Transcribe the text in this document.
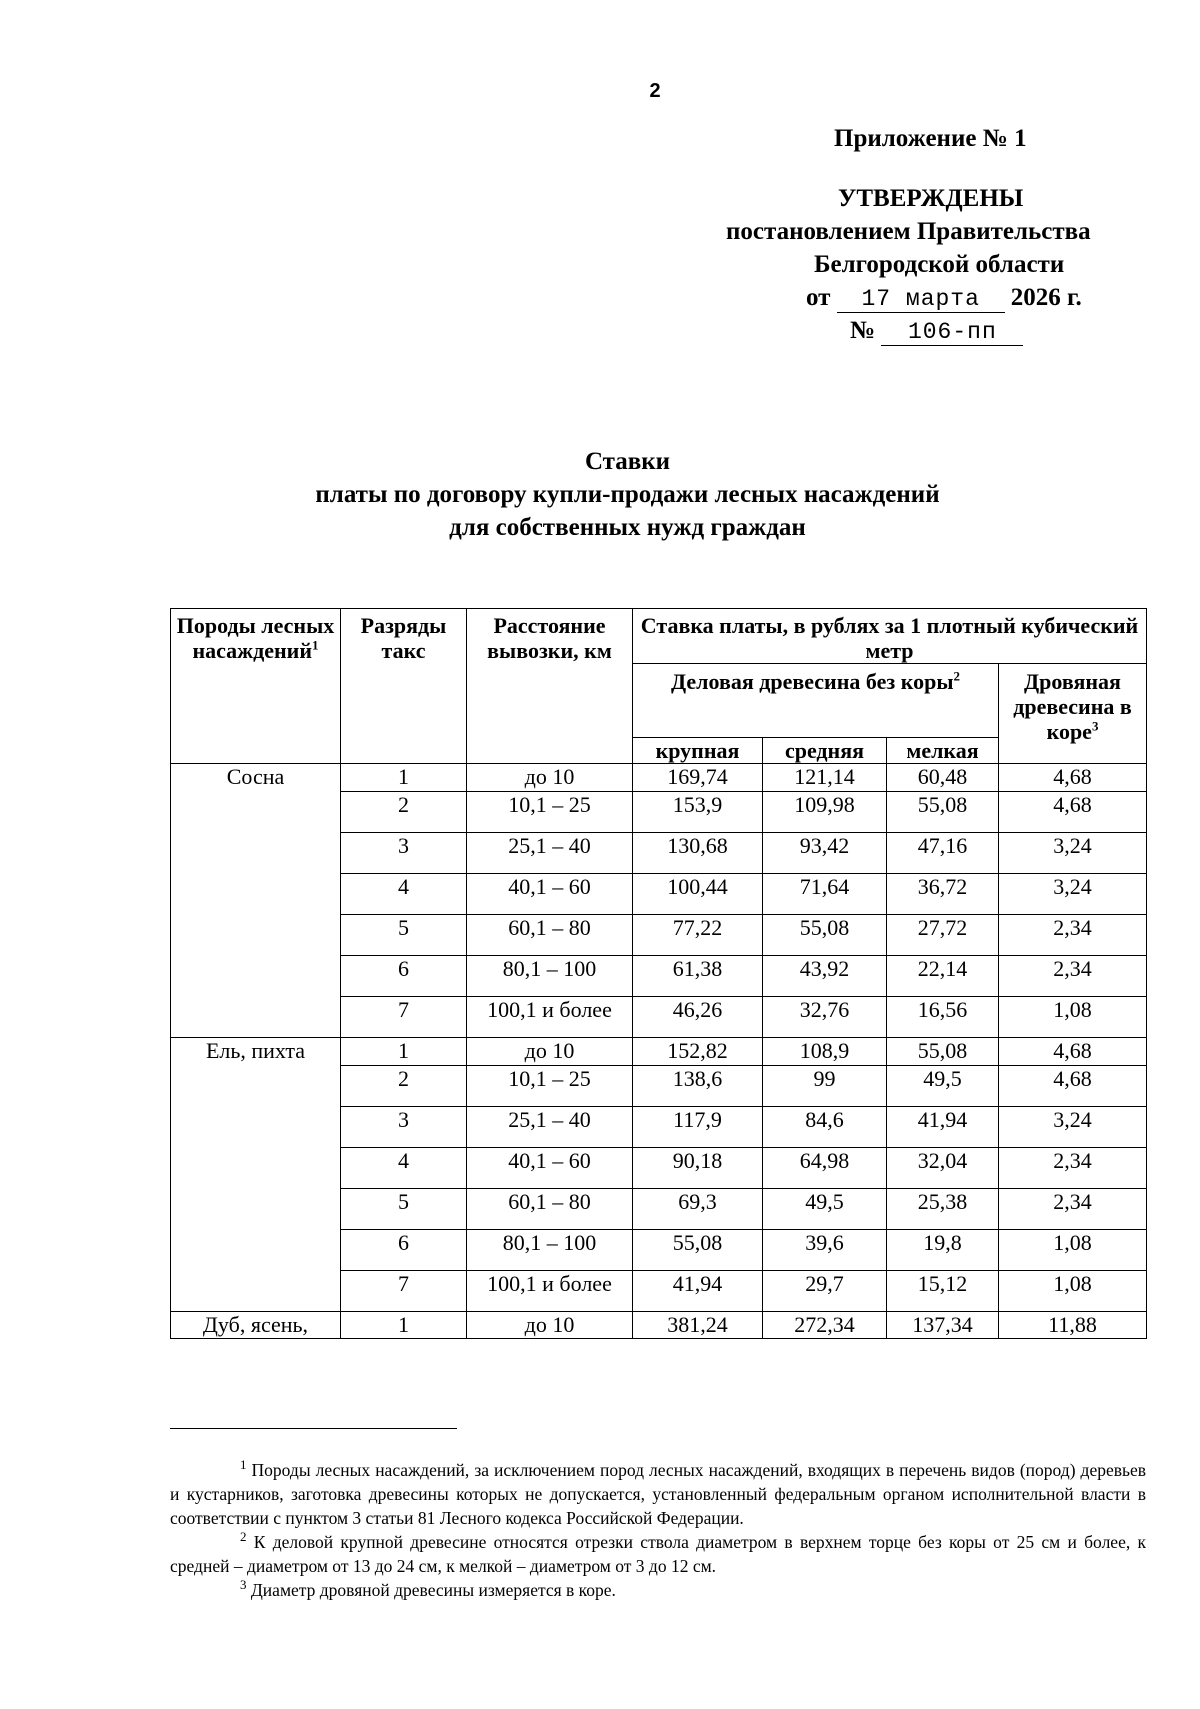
2
Приложение № 1
УТВЕРЖДЕНЫ
постановлением Правительства
Белгородской области
от 17 марта 2026 г.
№ 106-пп
Ставки
платы по договору купли-продажи лесных насаждений
для собственных нужд граждан
Породы лесных насаждений$^1$	Разряды такс	Расстояние вывозки, км	Ставка платы, в рублях за 1 плотный кубический метр			
			Деловая древесина без коры$^2$			Дровяная древесина в коре$^3$
			крупная	средняя	мелкая	
Сосна	1	до 10	169,74	121,14	60,48	4,68
	2	10,1 – 25	153,9	109,98	55,08	4,68
	3	25,1 – 40	130,68	93,42	47,16	3,24
	4	40,1 – 60	100,44	71,64	36,72	3,24
	5	60,1 – 80	77,22	55,08	27,72	2,34
	6	80,1 – 100	61,38	43,92	22,14	2,34
	7	100,1 и более	46,26	32,76	16,56	1,08
Ель, пихта	1	до 10	152,82	108,9	55,08	4,68
	2	10,1 – 25	138,6	99	49,5	4,68
	3	25,1 – 40	117,9	84,6	41,94	3,24
	4	40,1 – 60	90,18	64,98	32,04	2,34
	5	60,1 – 80	69,3	49,5	25,38	2,34
	6	80,1 – 100	55,08	39,6	19,8	1,08
	7	100,1 и более	41,94	29,7	15,12	1,08
Дуб, ясень,	1	до 10	381,24	272,34	137,34	11,88

$^1$ Породы лесных насаждений, за исключением пород лесных насаждений, входящих в перечень видов (пород) деревьев и кустарников, заготовка древесины которых не допускается, установленный федеральным органом исполнительной власти в соответствии с пунктом 3 статьи 81 Лесного кодекса Российской Федерации.

$^2$ К деловой крупной древесине относятся отрезки ствола диаметром в верхнем торце без коры от 25 см и более, к средней – диаметром от 13 до 24 см, к мелкой – диаметром от 3 до 12 см.

$^3$ Диаметр дровяной древесины измеряется в коре.
